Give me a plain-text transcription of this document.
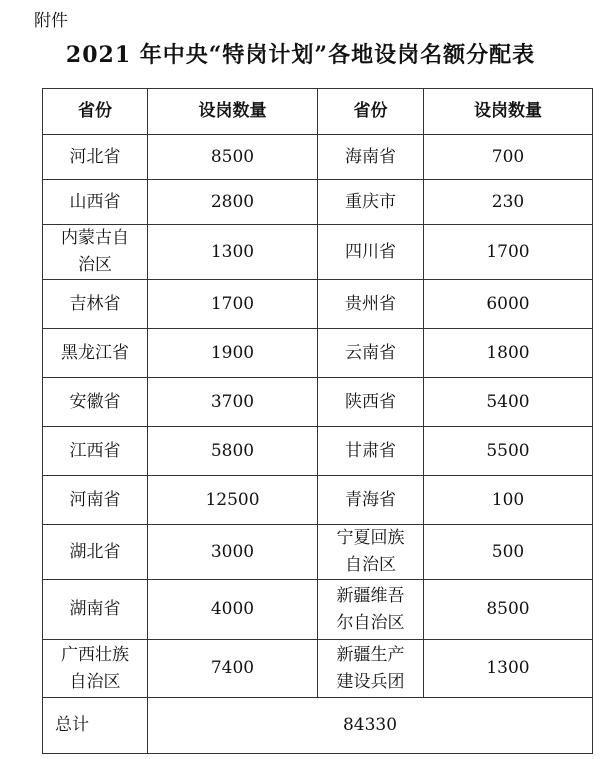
附件
2021 年中央“特岗计划”各地设岗名额分配表
省份	设岗数量	省份	设岗数量
河北省	8500	海南省	700
山西省	2800	重庆市	230
内蒙古自治区	1300	四川省	1700
吉林省	1700	贵州省	6000
黑龙江省	1900	云南省	1800
安徽省	3700	陕西省	5400
江西省	5800	甘肃省	5500
河南省	12500	青海省	100
湖北省	3000	宁夏回族自治区	500
湖南省	4000	新疆维吾尔自治区	8500
广西壮族自治区	7400	新疆生产建设兵团	1300
总计	84330		
